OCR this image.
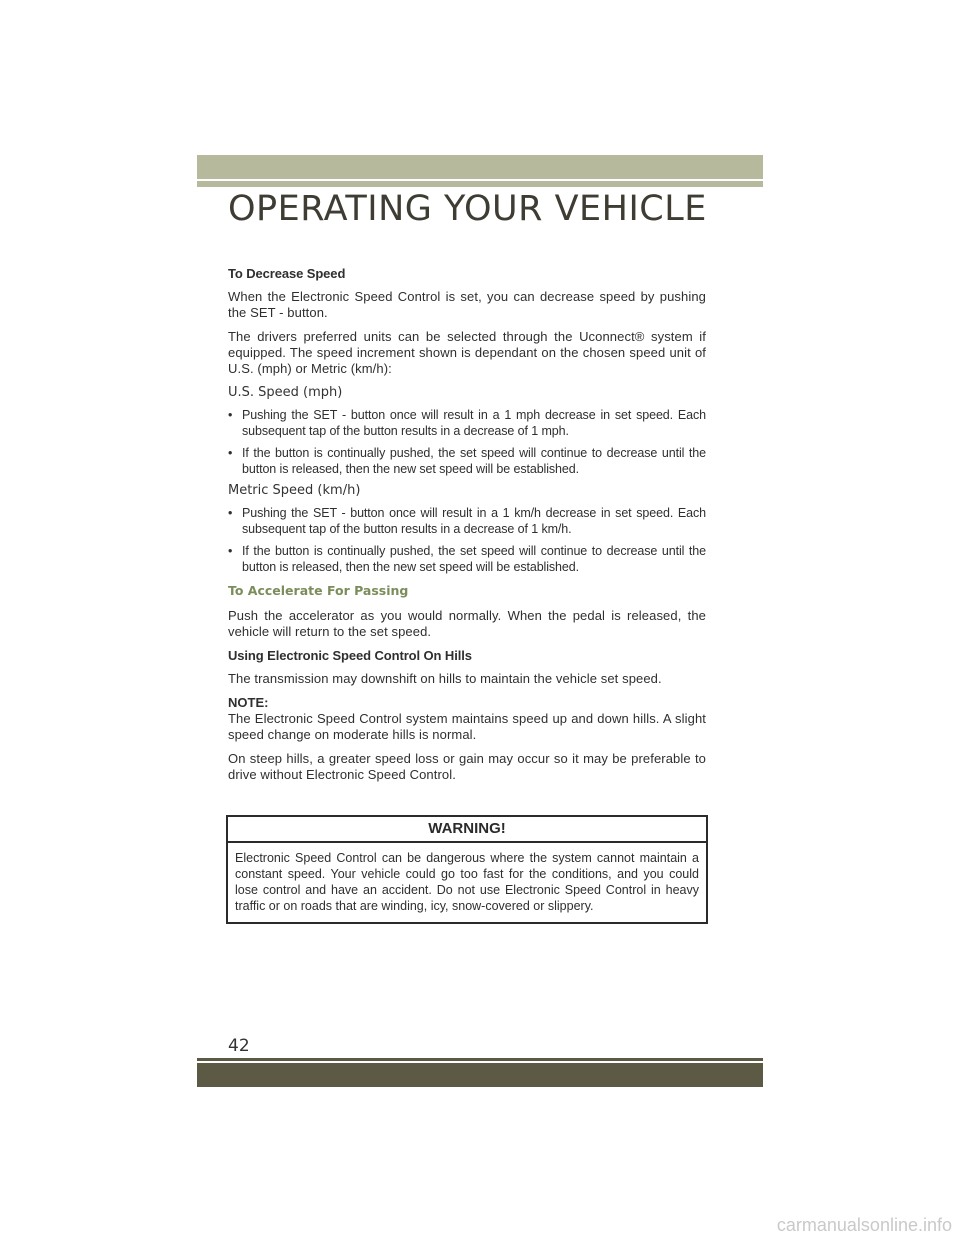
OPERATING YOUR VEHICLE
To Decrease Speed

When the Electronic Speed Control is set, you can decrease speed by pushing the SET - button.

The drivers preferred units can be selected through the Uconnect® system if equipped. The speed increment shown is dependant on the chosen speed unit of U.S. (mph) or Metric (km/h):

U.S. Speed (mph)
• Pushing the SET - button once will result in a 1 mph decrease in set speed. Each subsequent tap of the button results in a decrease of 1 mph.
• If the button is continually pushed, the set speed will continue to decrease until the button is released, then the new set speed will be established.
Metric Speed (km/h)
• Pushing the SET - button once will result in a 1 km/h decrease in set speed. Each subsequent tap of the button results in a decrease of 1 km/h.
• If the button is continually pushed, the set speed will continue to decrease until the button is released, then the new set speed will be established.
To Accelerate For Passing

Push the accelerator as you would normally. When the pedal is released, the vehicle will return to the set speed.

Using Electronic Speed Control On Hills

The transmission may downshift on hills to maintain the vehicle set speed.

NOTE:

The Electronic Speed Control system maintains speed up and down hills. A slight speed change on moderate hills is normal.

On steep hills, a greater speed loss or gain may occur so it may be preferable to drive without Electronic Speed Control.

WARNING!
Electronic Speed Control can be dangerous where the system cannot maintain a constant speed. Your vehicle could go too fast for the conditions, and you could lose control and have an accident. Do not use Electronic Speed Control in heavy traffic or on roads that are winding, icy, snow-covered or slippery.
42
carmanualsonline.info
